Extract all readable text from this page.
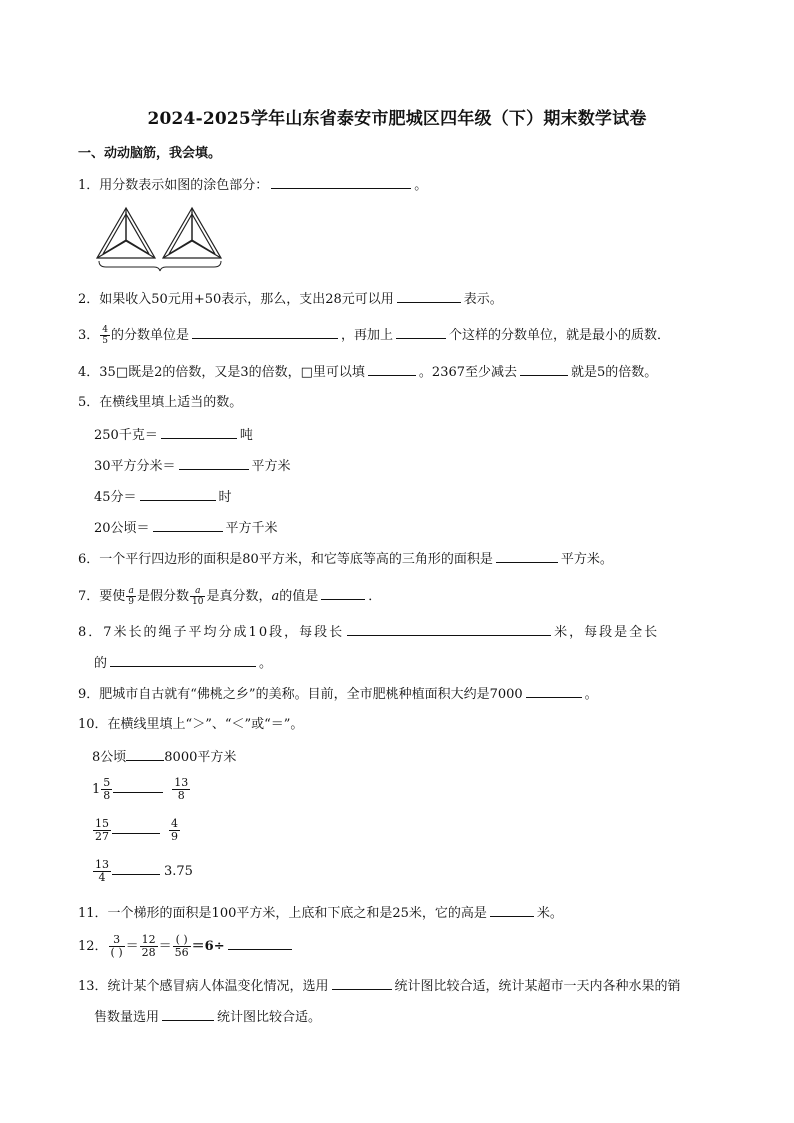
2024-2025学年山东省泰安市肥城区四年级（下）期末数学试卷
一、动动脑筋，我会填。
1．用分数表示如图的涂色部分：	。
2．如果收入50元用+50表示，那么，支出28元可以用	表示。
3． $\frac{4}{5}$ 的分数单位是	，再加上	个这样的分数单位，就是最小的质数．
4．35□既是2的倍数，又是3的倍数，□里可以填	。2367至少减去	就是5的倍数。
5．在横线里填上适当的数。
250千克＝	吨
30平方分米＝	平方米
45分＝	时
20公顷＝	平方千米
6．一个平行四边形的面积是80平方米，和它等底等高的三角形的面积是	平方米。
7．要使 $\frac{a}{9}$ 是假分数 $\frac{a}{10}$ 是真分数，a的值是	．
8．7米长的绳子平均分成10段，每段长	米，每段是全长
的	。
9．肥城市自古就有“佛桃之乡”的美称。目前，全市肥桃种植面积大约是7000	。
10．在横线里填上“＞”、“＜”或“＝”。
8公顷	8000平方米
$1 \frac{5}{8}$	$\frac{13}{8}$
$\frac{15}{27}$	$\frac{4}{9}$
$\frac{13}{4}$	3.75
11．一个梯形的面积是100平方米，上底和下底之和是25米，它的高是	米。
12． $\frac{3}{( )} = \frac{12}{28} = \frac{( )}{56} =6\div$
13．统计某个感冒病人体温变化情况，选用	统计图比较合适，统计某超市一天内各种水果的销
售数量选用	统计图比较合适。
